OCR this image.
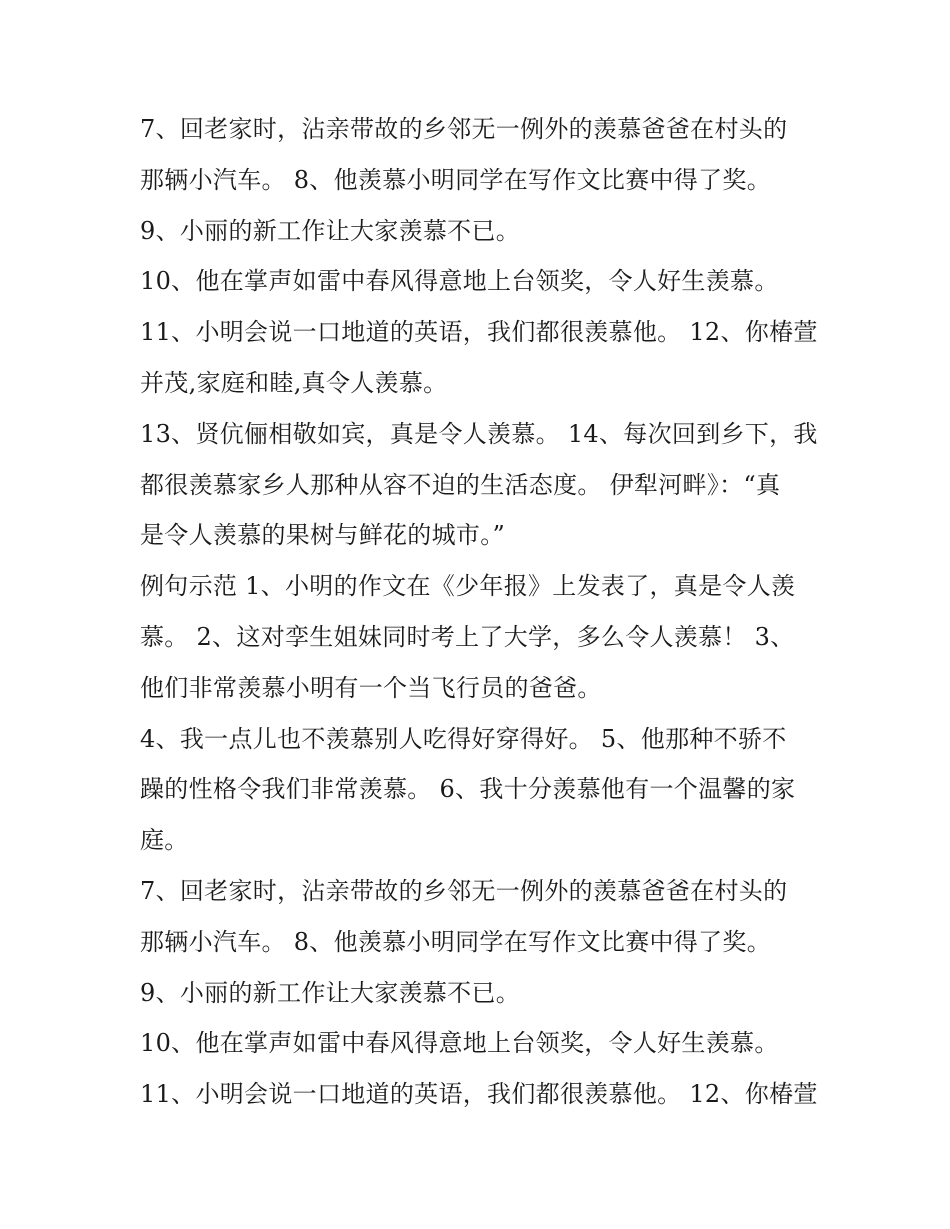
7、回老家时，沾亲带故的乡邻无一例外的羡慕爸爸在村头的
那辆小汽车。 8、他羡慕小明同学在写作文比赛中得了奖。
9、小丽的新工作让大家羡慕不已。
10、他在掌声如雷中春风得意地上台领奖，令人好生羡慕。
11、小明会说一口地道的英语，我们都很羡慕他。 12、你椿萱
并茂,家庭和睦,真令人羡慕。
13、贤伉俪相敬如宾，真是令人羡慕。 14、每次回到乡下，我
都很羡慕家乡人那种从容不迫的生活态度。 伊犁河畔》：“真
是令人羡慕的果树与鲜花的城市。”
例句示范 1、小明的作文在《少年报》上发表了，真是令人羡
慕。 2、这对孪生姐妹同时考上了大学，多么令人羡慕！ 3、
他们非常羡慕小明有一个当飞行员的爸爸。
4、我一点儿也不羡慕别人吃得好穿得好。 5、他那种不骄不
躁的性格令我们非常羡慕。 6、我十分羡慕他有一个温馨的家
庭。
7、回老家时，沾亲带故的乡邻无一例外的羡慕爸爸在村头的
那辆小汽车。 8、他羡慕小明同学在写作文比赛中得了奖。
9、小丽的新工作让大家羡慕不已。
10、他在掌声如雷中春风得意地上台领奖，令人好生羡慕。
11、小明会说一口地道的英语，我们都很羡慕他。 12、你椿萱
